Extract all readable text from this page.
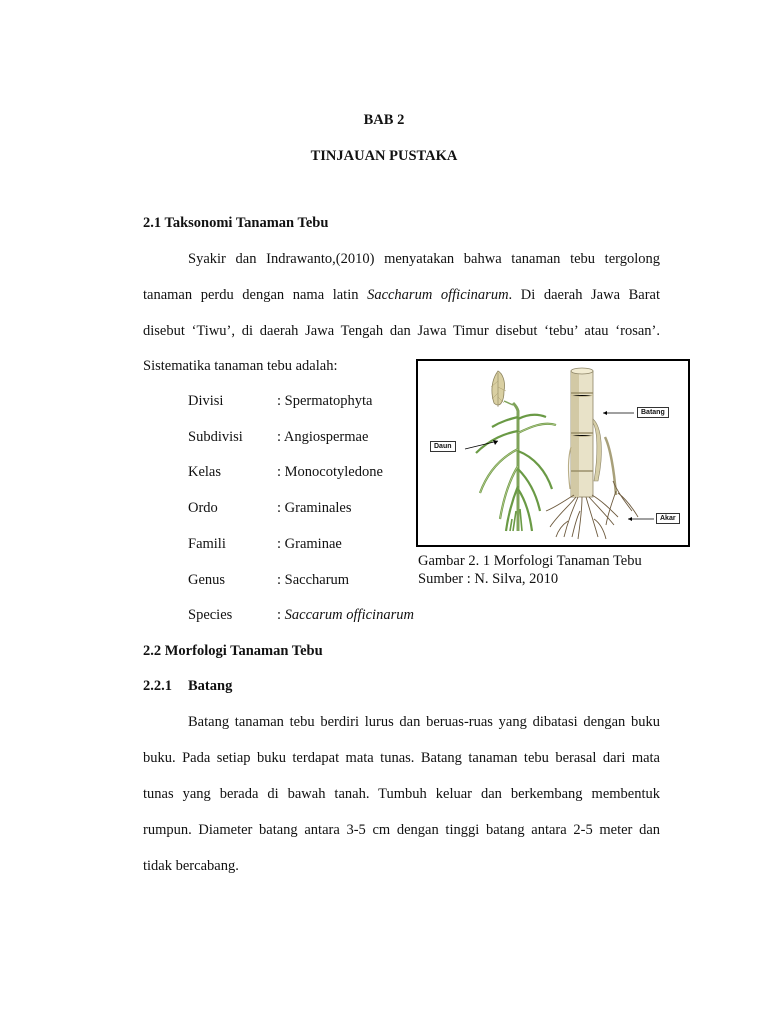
BAB 2
TINJAUAN PUSTAKA
2.1 Taksonomi Tanaman Tebu
Syakir dan Indrawanto,(2010) menyatakan bahwa tanaman tebu tergolong
tanaman perdu dengan nama latin Saccharum officinarum. Di daerah Jawa Barat
disebut ‘Tiwu’, di daerah Jawa Tengah dan Jawa Timur disebut ‘tebu’ atau ‘rosan’.
Sistematika tanaman tebu adalah:
Divisi	: Spermatophyta
Subdivisi : Angiospermae
Kelas	: Monocotyledone
Ordo	: Graminales
Famili	: Graminae
Genus	: Saccharum
Species	: Saccarum officinarum
Batang
Daun
Akar
Gambar 2. 1 Morfologi Tanaman Tebu
Sumber : N. Silva, 2010
2.2 Morfologi Tanaman Tebu
2.2.1 Batang
Batang tanaman tebu berdiri lurus dan beruas-ruas yang dibatasi dengan buku
buku. Pada setiap buku terdapat mata tunas. Batang tanaman tebu berasal dari mata
tunas yang berada di bawah tanah. Tumbuh keluar dan berkembang membentuk
rumpun. Diameter batang antara 3-5 cm dengan tinggi batang antara 2-5 meter dan
tidak bercabang.
